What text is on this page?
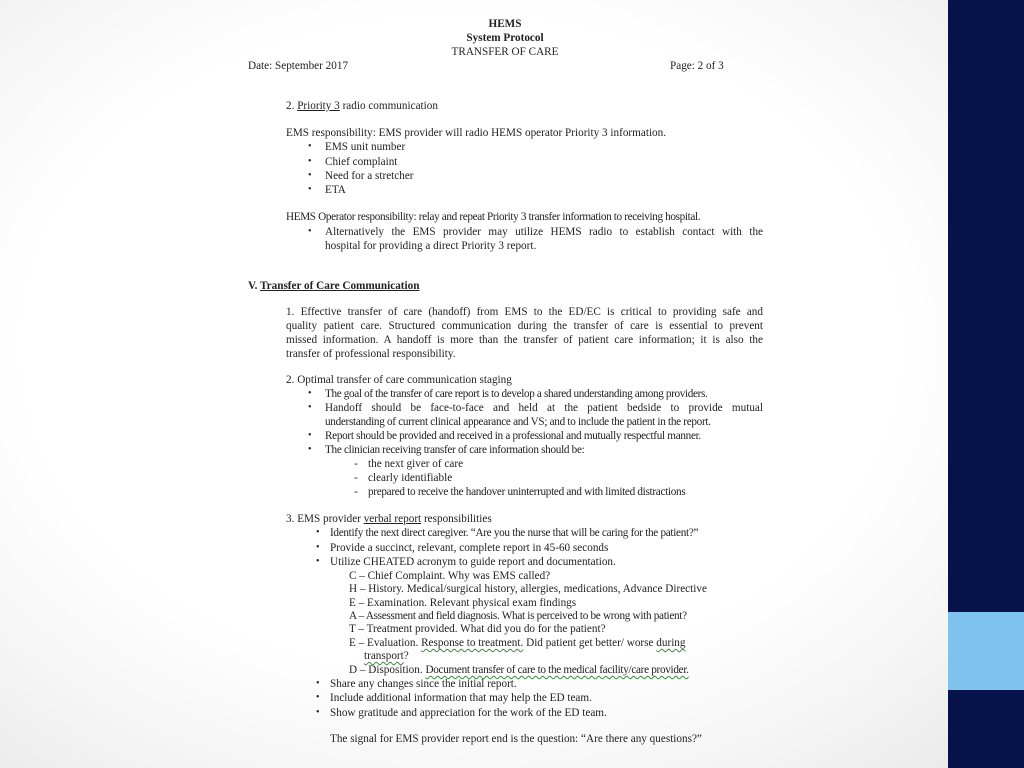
HEMS
System Protocol
TRANSFER OF CARE
Date: September 2017	Page: 2 of 3
2. Priority 3 radio communication
EMS responsibility: EMS provider will radio HEMS operator Priority 3 information.
• EMS unit number
• Chief complaint
• Need for a stretcher
• ETA
HEMS Operator responsibility: relay and repeat Priority 3 transfer information to receiving hospital.
• Alternatively the EMS provider may utilize HEMS radio to establish contact with the
hospital for providing a direct Priority 3 report.
V. Transfer of Care Communication
1. Effective transfer of care (handoff) from EMS to the ED/EC is critical to providing safe and
quality patient care. Structured communication during the transfer of care is essential to prevent
missed information. A handoff is more than the transfer of patient care information; it is also the
transfer of professional responsibility.
2. Optimal transfer of care communication staging
• The goal of the transfer of care report is to develop a shared understanding among providers.
• Handoff should be face-to-face and held at the patient bedside to provide mutual
understanding of current clinical appearance and VS; and to include the patient in the report.
• Report should be provided and received in a professional and mutually respectful manner.
• The clinician receiving transfer of care information should be:
- the next giver of care
- clearly identifiable
- prepared to receive the handover uninterrupted and with limited distractions
3. EMS provider verbal report responsibilities
• Identify the next direct caregiver. “Are you the nurse that will be caring for the patient?”
• Provide a succinct, relevant, complete report in 45-60 seconds
• Utilize CHEATED acronym to guide report and documentation.
C – Chief Complaint. Why was EMS called?
H – History. Medical/surgical history, allergies, medications, Advance Directive
E – Examination. Relevant physical exam findings
A – Assessment and field diagnosis. What is perceived to be wrong with patient?
T – Treatment provided. What did you do for the patient?
E – Evaluation. Response to treatment. Did patient get better/ worse during
transport?
D – Disposition. Document transfer of care to the medical facility/care provider.
• Share any changes since the initial report.
• Include additional information that may help the ED team.
• Show gratitude and appreciation for the work of the ED team.
The signal for EMS provider report end is the question: “Are there any questions?”
